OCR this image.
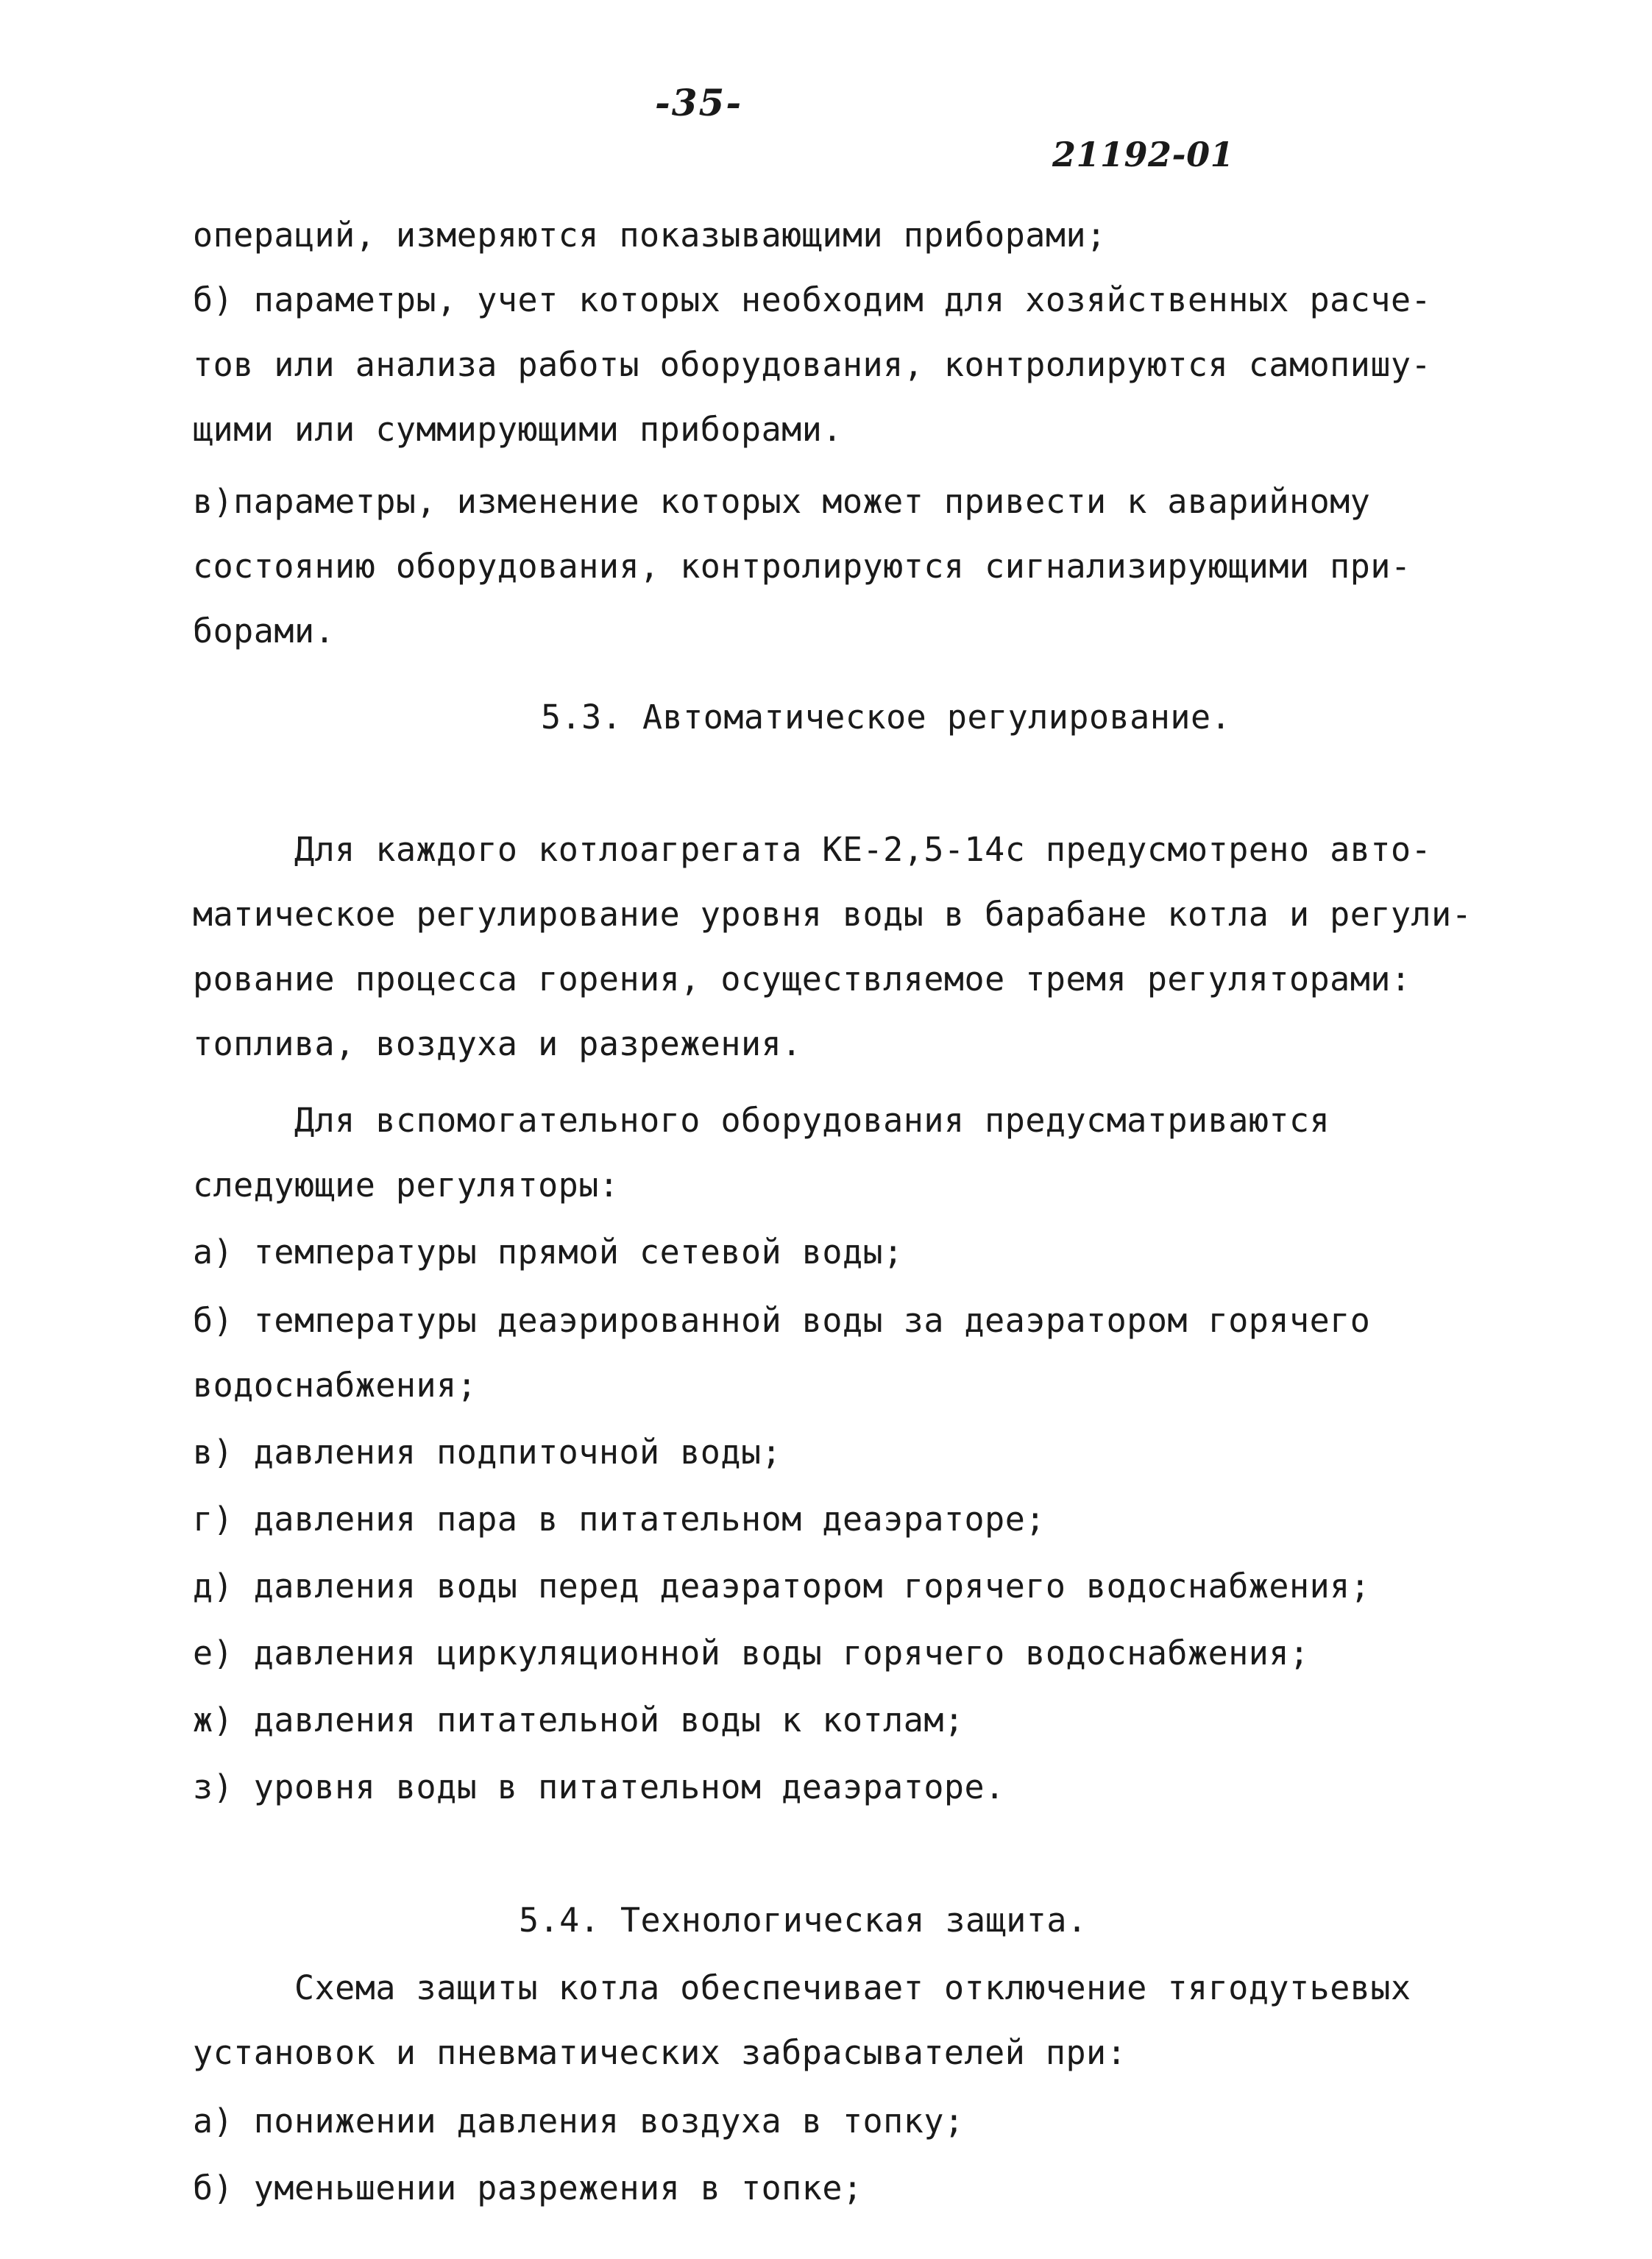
-35-
21192-01
операций, измеряются показывающими приборами;
б) параметры, учет которых необходим для хозяйственных расче-
тов или анализа работы оборудования, контролируются самопишу-
щими или суммирующими приборами.
в)параметры, изменение которых может привести к аварийному
состоянию оборудования, контролируются сигнализирующими при-
борами.
5.3. Автоматическое регулирование.
Для каждого котлоагрегата КЕ-2,5-14с предусмотрено авто-
матическое регулирование уровня воды в барабане котла и регули-
рование процесса горения, осуществляемое тремя регуляторами:
топлива, воздуха и разрежения.
Для вспомогательного оборудования предусматриваются
следующие регуляторы:
а) температуры прямой сетевой воды;
б) температуры деаэрированной воды за деаэратором горячего
водоснабжения;
в) давления подпиточной воды;
г) давления пара в питательном деаэраторе;
д) давления воды перед деаэратором горячего водоснабжения;
е) давления циркуляционной воды горячего водоснабжения;
ж) давления питательной воды к котлам;
з) уровня воды в питательном деаэраторе.
5.4. Технологическая защита.
Схема защиты котла обеспечивает отключение тягодутьевых
установок и пневматических забрасывателей при:
а) понижении давления воздуха в топку;
б) уменьшении разрежения в топке;
